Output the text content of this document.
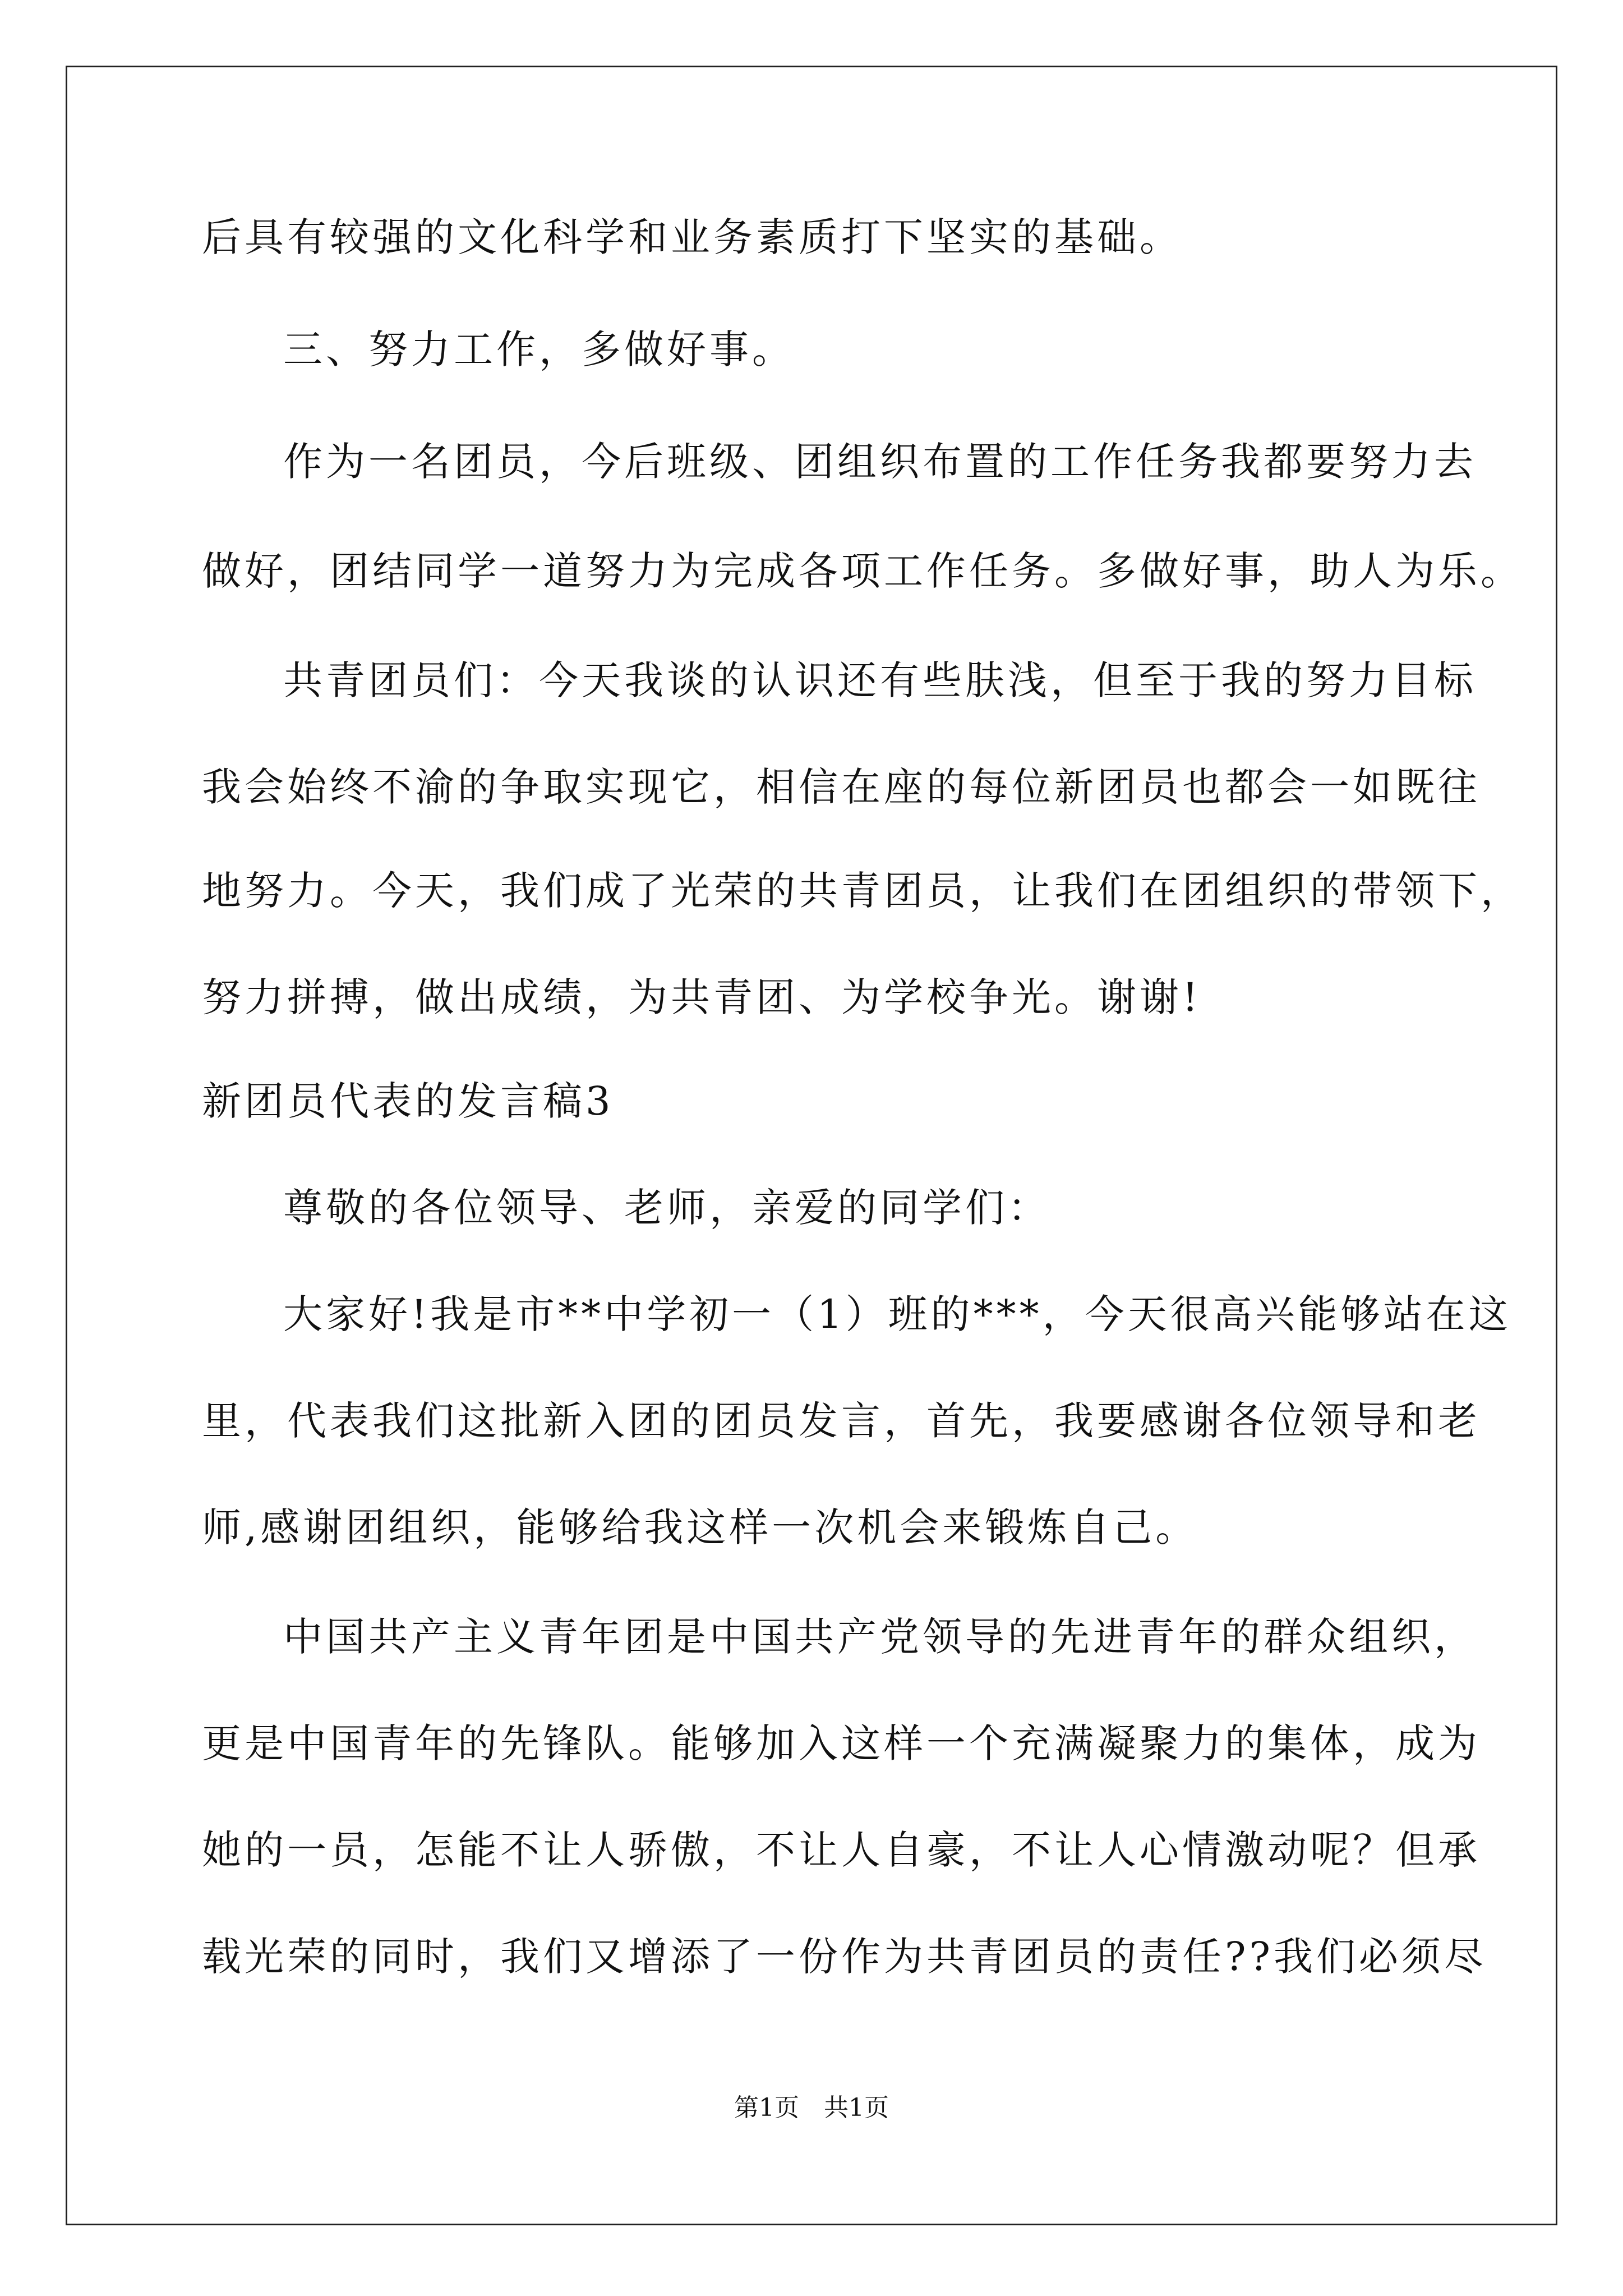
后具有较强的文化科学和业务素质打下坚实的基础。
三、努力工作，多做好事。
作为一名团员，今后班级、团组织布置的工作任务我都要努力去
做好，团结同学一道努力为完成各项工作任务。多做好事，助人为乐。
共青团员们：今天我谈的认识还有些肤浅，但至于我的努力目标
我会始终不渝的争取实现它，相信在座的每位新团员也都会一如既往
地努力。今天，我们成了光荣的共青团员，让我们在团组织的带领下，
努力拼搏，做出成绩，为共青团、为学校争光。谢谢!
新团员代表的发言稿3
尊敬的各位领导、老师，亲爱的同学们：
大家好!我是市**中学初一（1）班的***，今天很高兴能够站在这
里，代表我们这批新入团的团员发言，首先，我要感谢各位领导和老
师,感谢团组织，能够给我这样一次机会来锻炼自己。
中国共产主义青年团是中国共产党领导的先进青年的群众组织，
更是中国青年的先锋队。能够加入这样一个充满凝聚力的集体，成为
她的一员，怎能不让人骄傲，不让人自豪，不让人心情激动呢？但承
载光荣的同时，我们又增添了一份作为共青团员的责任??我们必须尽
第1页　共1页
